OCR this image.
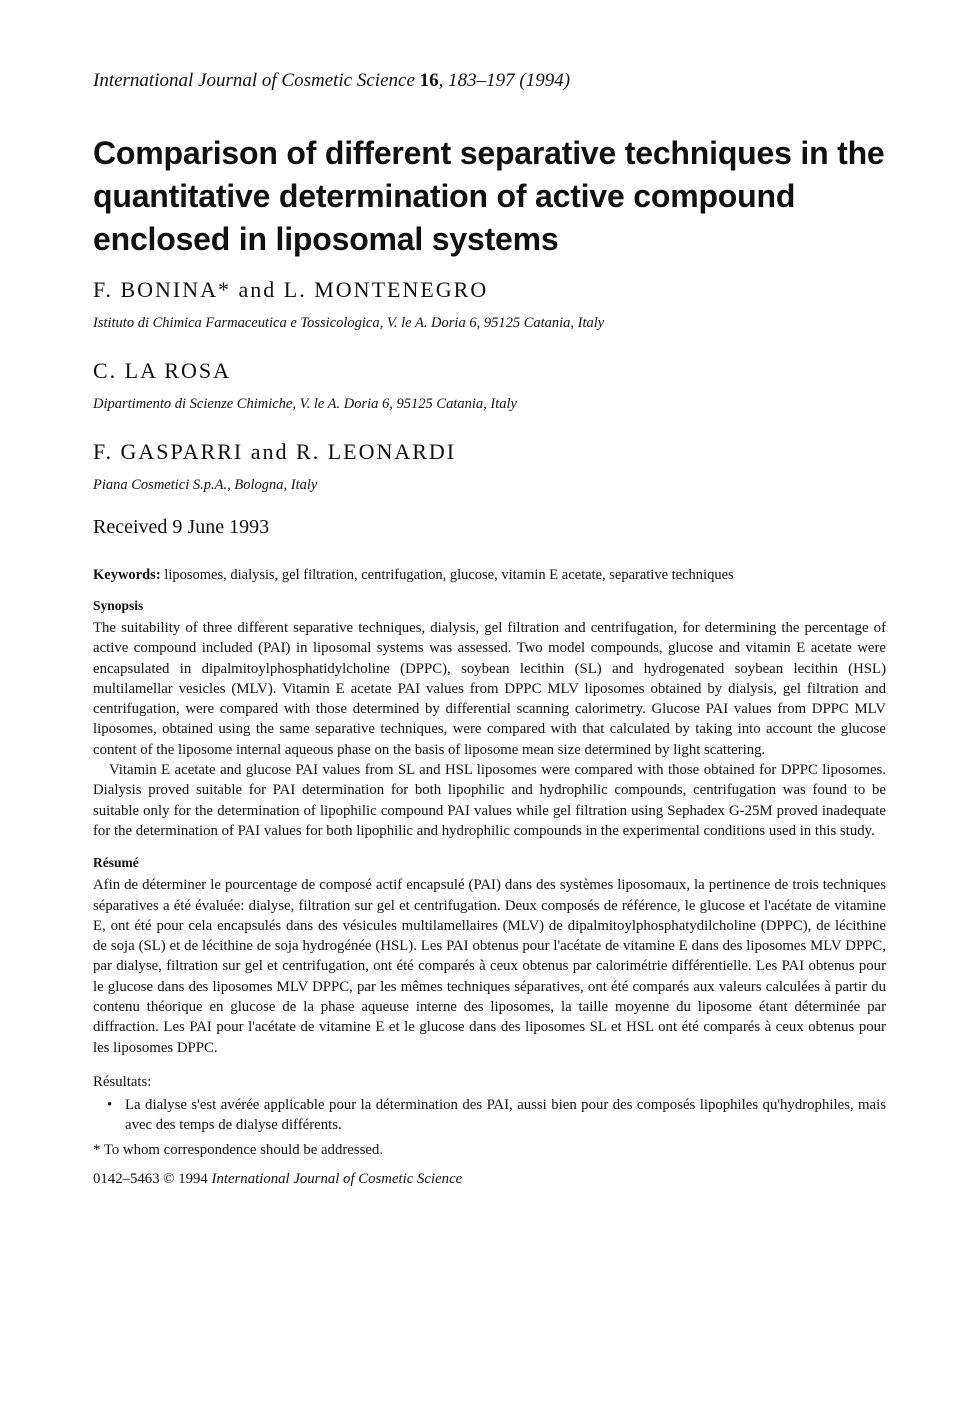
International Journal of Cosmetic Science 16, 183–197 (1994)

Comparison of different separative techniques in the quantitative determination of active compound enclosed in liposomal systems

F. BONINA* and L. MONTENEGRO

Istituto di Chimica Farmaceutica e Tossicologica, V. le A. Doria 6, 95125 Catania, Italy

C. LA ROSA

Dipartimento di Scienze Chimiche, V. le A. Doria 6, 95125 Catania, Italy

F. GASPARRI and R. LEONARDI

Piana Cosmetici S.p.A., Bologna, Italy

Received 9 June 1993

Keywords: liposomes, dialysis, gel filtration, centrifugation, glucose, vitamin E acetate, separative techniques

Synopsis

The suitability of three different separative techniques, dialysis, gel filtration and centrifugation, for determining the percentage of active compound included (PAI) in liposomal systems was assessed. Two model compounds, glucose and vitamin E acetate were encapsulated in dipalmitoylphosphatidylcholine (DPPC), soybean lecithin (SL) and hydrogenated soybean lecithin (HSL) multilamellar vesicles (MLV). Vitamin E acetate PAI values from DPPC MLV liposomes obtained by dialysis, gel filtration and centrifugation, were compared with those determined by differential scanning calorimetry. Glucose PAI values from DPPC MLV liposomes, obtained using the same separative techniques, were compared with that calculated by taking into account the glucose content of the liposome internal aqueous phase on the basis of liposome mean size determined by light scattering.

Vitamin E acetate and glucose PAI values from SL and HSL liposomes were compared with those obtained for DPPC liposomes. Dialysis proved suitable for PAI determination for both lipophilic and hydrophilic compounds, centrifugation was found to be suitable only for the determination of lipophilic compound PAI values while gel filtration using Sephadex G-25M proved inadequate for the determination of PAI values for both lipophilic and hydrophilic compounds in the experimental conditions used in this study.

Résumé

Afin de déterminer le pourcentage de composé actif encapsulé (PAI) dans des systèmes liposomaux, la pertinence de trois techniques séparatives a été évaluée: dialyse, filtration sur gel et centrifugation. Deux composés de référence, le glucose et l'acétate de vitamine E, ont été pour cela encapsulés dans des vésicules multilamellaires (MLV) de dipalmitoylphosphatydilcholine (DPPC), de lécithine de soja (SL) et de lécithine de soja hydrogénée (HSL). Les PAI obtenus pour l'acétate de vitamine E dans des liposomes MLV DPPC, par dialyse, filtration sur gel et centrifugation, ont été comparés à ceux obtenus par calorimétrie différentielle. Les PAI obtenus pour le glucose dans des liposomes MLV DPPC, par les mêmes techniques séparatives, ont été comparés aux valeurs calculées à partir du contenu théorique en glucose de la phase aqueuse interne des liposomes, la taille moyenne du liposome étant déterminée par diffraction. Les PAI pour l'acétate de vitamine E et le glucose dans des liposomes SL et HSL ont été comparés à ceux obtenus pour les liposomes DPPC.

Résultats:

• La dialyse s'est avérée applicable pour la détermination des PAI, aussi bien pour des composés lipophiles qu'hydrophiles, mais avec des temps de dialyse différents.

* To whom correspondence should be addressed.

0142–5463 © 1994 International Journal of Cosmetic Science
